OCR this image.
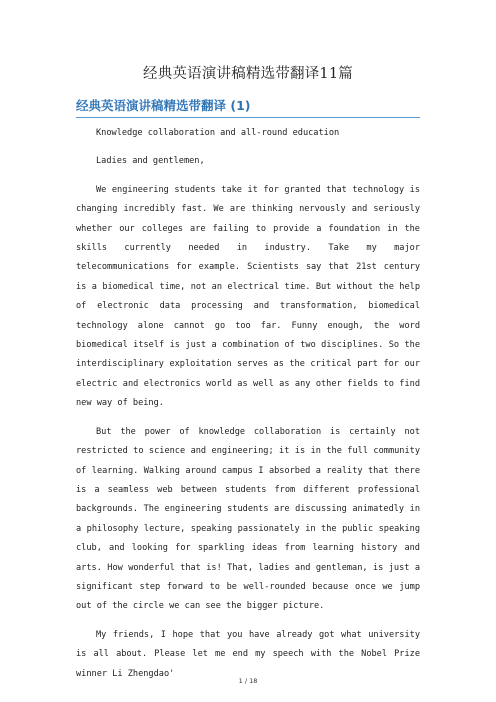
经典英语演讲稿精选带翻译11篇
经典英语演讲稿精选带翻译 (1)

Knowledge collaboration and all-round education

Ladies and gentlemen,

We engineering students take it for granted that technology is changing incredibly fast. We are thinking nervously and seriously whether our colleges are failing to provide a foundation in the skills currently needed in industry. Take my major telecommunications for example. Scientists say that 21st century is a biomedical time, not an electrical time. But without the help of electronic data processing and transformation, biomedical technology alone cannot go too far. Funny enough, the word biomedical itself is just a combination of two disciplines. So the interdisciplinary exploitation serves as the critical part for our electric and electronics world as well as any other fields to find new way of being.

But the power of knowledge collaboration is certainly not restricted to science and engineering; it is in the full community of learning. Walking around campus I absorbed a reality that there is a seamless web between students from different professional backgrounds. The engineering students are discussing animatedly in a philosophy lecture, speaking passionately in the public speaking club, and looking for sparkling ideas from learning history and arts. How wonderful that is! That, ladies and gentleman, is just a significant step forward to be well-rounded because once we jump out of the circle we can see the bigger picture.

My friends, I hope that you have already got what university is all about. Please let me end my speech with the Nobel Prize winner Li Zhengdao'

1 / 18
